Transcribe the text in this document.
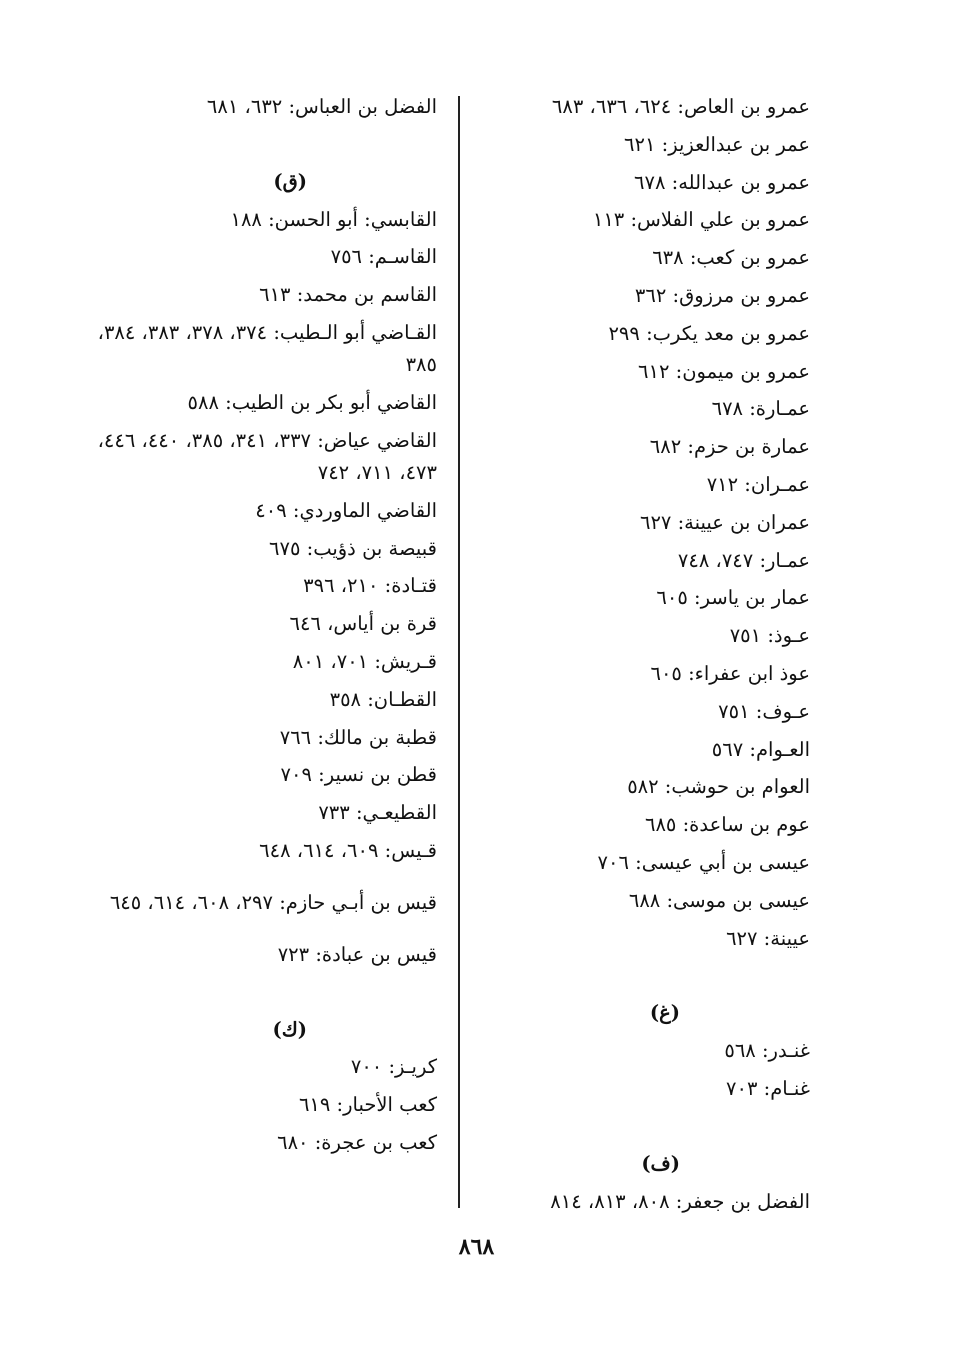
عمرو بن العاص: ٦٢٤، ٦٣٦، ٦٨٣
عمر بن عبدالعزيز: ٦٢١
عمرو بن عبدالله: ٦٧٨
عمرو بن علي الفلاس: ١١٣
عمرو بن كعب: ٦٣٨
عمرو بن مرزوق: ٣٦٢
عمرو بن معد يكرب: ٢٩٩
عمرو بن ميمون: ٦١٢
عمـارة: ٦٧٨
عمارة بن حزم: ٦٨٢
عمـران: ٧١٢
عمران بن عيينة: ٦٢٧
عمـار: ٧٤٧، ٧٤٨
عمار بن ياسر: ٦٠٥
عـوذ: ٧٥١
عوذ ابن عفراء: ٦٠٥
عـوف: ٧٥١
العـوام: ٥٦٧
العوام بن حوشب: ٥٨٢
عوم بن ساعدة: ٦٨٥
عيسى بن أبي عيسى: ٧٠٦
عيسى بن موسى: ٦٨٨
عيينة: ٦٢٧
(غ)
غنـدر: ٥٦٨
غنـام: ٧٠٣
(ف)
الفضل بن جعفر: ٨٠٨، ٨١٣، ٨١٤
الفضل بن العباس: ٦٣٢، ٦٨١
(ق)
القابسي: أبو الحسن: ١٨٨
القاسـم: ٧٥٦
القاسم بن محمد: ٦١٣
القـاضي أبو الـطيب: ٣٧٤، ٣٧٨، ٣٨٣، ٣٨٤، ٣٨٥
القاضي أبو بكر بن الطيب: ٥٨٨
القاضي عياض: ٣٣٧، ٣٤١، ٣٨٥، ٤٤٠، ٤٤٦، ٤٧٣، ٧١١، ٧٤٢
القاضي الماوردي: ٤٠٩
قبيصة بن ذؤيب: ٦٧٥
قتـادة: ٢١٠، ٣٩٦
قرة بن أياس، ٦٤٦
قـريش: ٧٠١، ٨٠١
القطـان: ٣٥٨
قطبة بن مالك: ٧٦٦
قطن بن نسير: ٧٠٩
القطيعـي: ٧٣٣
قـيس: ٦٠٩، ٦١٤، ٦٤٨
قيس بن أبـي حازم: ٢٩٧، ٦٠٨، ٦١٤، ٦٤٥
قيس بن عبادة: ٧٢٣
(ك)
كريـز: ٧٠٠
كعب الأحبار: ٦١٩
كعب بن عجرة: ٦٨٠
٨٦٨
